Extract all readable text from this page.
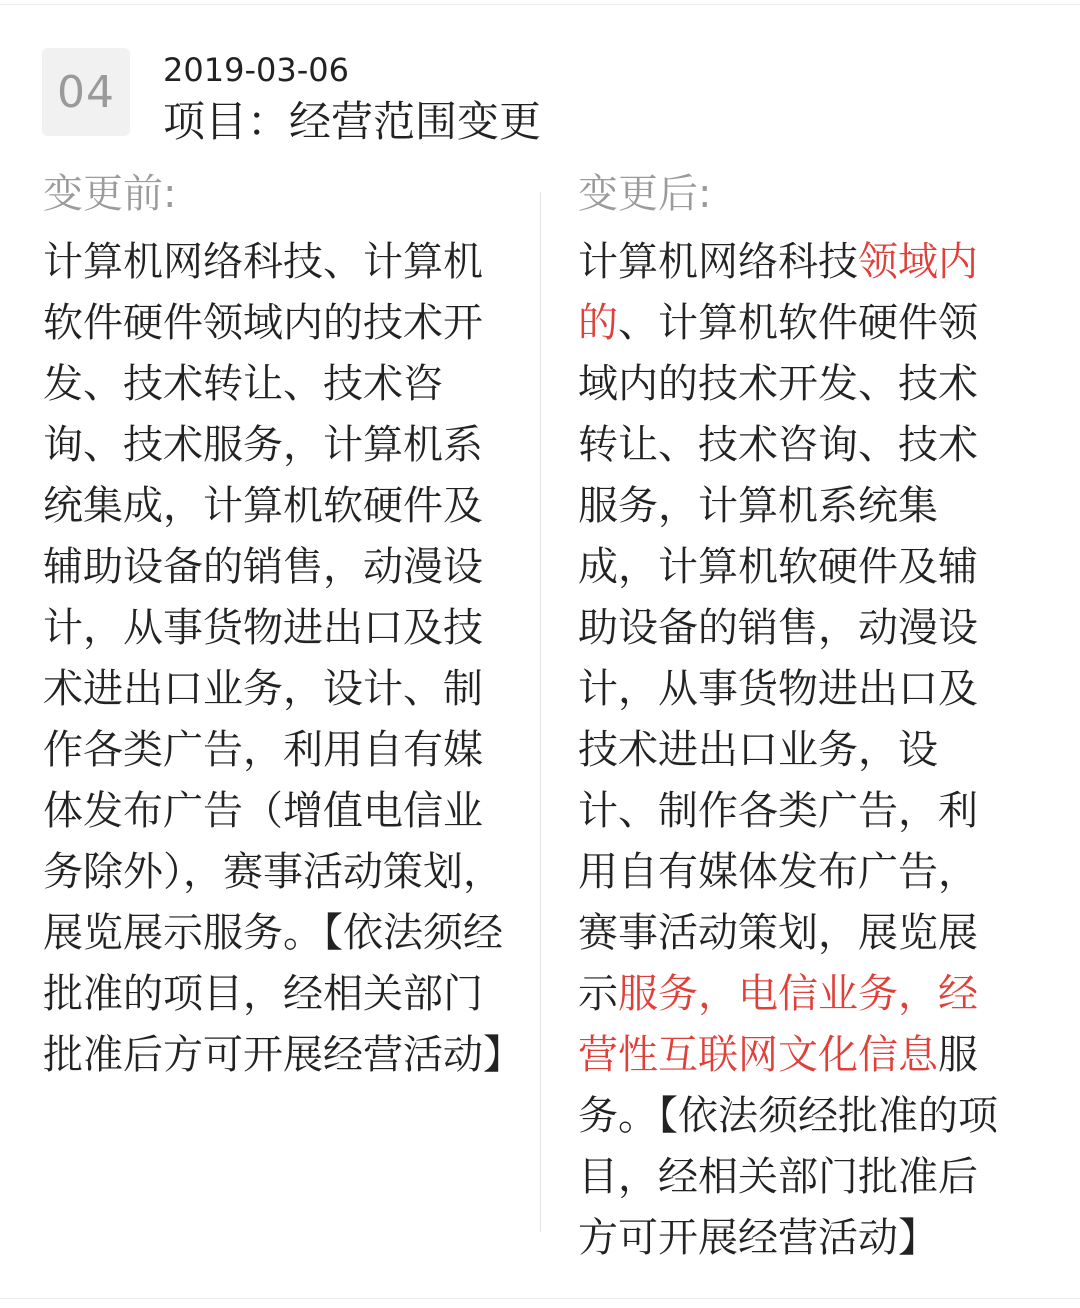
04 2019-03-06
项目：经营范围变更
变更前:

计算机网络科技、计算机软件硬件领域内的技术开发、技术转让、技术咨询、技术服务，计算机系统集成，计算机软硬件及辅助设备的销售，动漫设计，从事货物进出口及技术进出口业务，设计、制作各类广告，利用自有媒体发布广告（增值电信业务除外），赛事活动策划，展览展示服务。【依法须经批准的项目，经相关部门批准后方可开展经营活动】

变更后:

计算机网络科技领域内的、计算机软件硬件领域内的技术开发、技术转让、技术咨询、技术服务，计算机系统集成，计算机软硬件及辅助设备的销售，动漫设计，从事货物进出口及技术进出口业务，设计、制作各类广告，利用自有媒体发布广告，赛事活动策划，展览展示服务，电信业务，经营性互联网文化信息服务。【依法须经批准的项目，经相关部门批准后方可开展经营活动】
